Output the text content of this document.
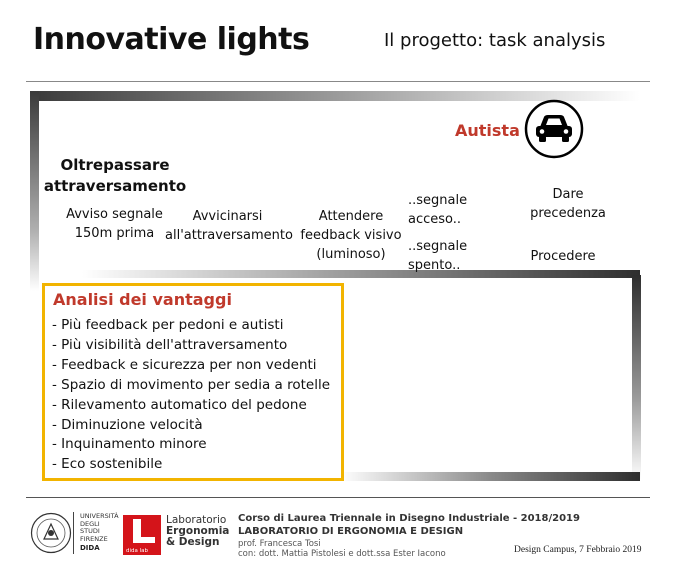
Innovative lights	Il progetto: task analysis
Autista
Oltrepassare attraversamento
Avviso segnale 150m prima
Avvicinarsi all'attraversamento
Attendere feedback visivo (luminoso)
..segnale acceso..
..segnale spento..
Dare precedenza
Procedere
Analisi dei vantaggi
- Più feedback per pedoni e autisti
- Più visibilità dell'attraversamento
- Feedback e sicurezza per non vedenti
- Spazio di movimento per sedia a rotelle
- Rilevamento automatico del pedone
- Diminuzione velocità
- Inquinamento minore
- Eco sostenibile
UNIVERSITÀ DEGLI STUDI FIRENZE
DIDA	dida lab
Laboratorio
Ergonomia
& Design
Corso di Laurea Triennale in Disegno Industriale - 2018/2019
LABORATORIO DI ERGONOMIA E DESIGN
prof. Francesca Tosi
con: dott. Mattia Pistolesi e dott.ssa Ester Iacono	Design Campus, 7 Febbraio 2019
